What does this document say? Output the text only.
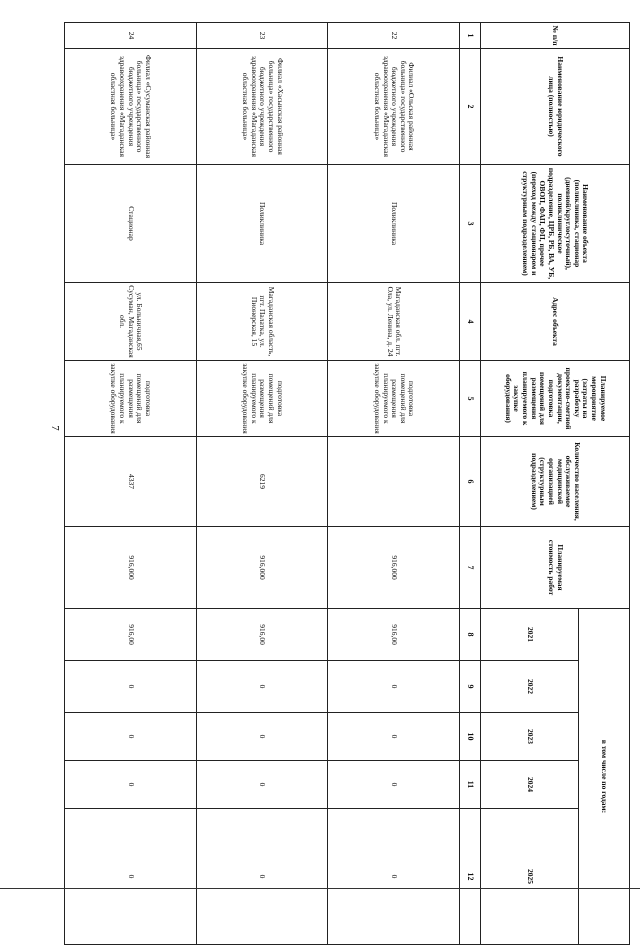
7
№ п/п	Наименование юридического лица (полностью)	Наименование объекта (поликлиника, стационар (дневной/круглосуточный), поликлиническое подразделение, ЦРБ, РБ, ВА, УБ, ОВОП, ФАП, ФП, прочее (переход между стационаром и структурным подразделением)	Адрес объекта	Планируемое мероприятие (затраты на разработку проектно-сметной документации, подготовка помещений для размещения планируемого к закупке оборудования)	Количество населения, обслуживаемое медицинской организацией (структурным подразделением)	Планируемая стоимость работ	в том числе по годам:				
							2021	2022	2023	2024	2025
1	2	3	4	5	6	7	8	9	10	11	12
22	Филиал «Ольская районная больница» государственного бюджетного учреждения здравоохранения «Магаданская областная больница»	Поликлиника	Магаданская обл. пгт. Ола, ул. Ленина, д. 24	подготовка помещений для размещения планируемого к закупке оборудования		916,000	916,00	0	0	0	0
23	Филиал «Хасынская районная больница» государственного бюджетного учреждения здравоохранения «Магаданская областная больница»	Поликлиника	Магаданская область, пгт. Палатка, ул. Пионерская, 15	подготовка помещений для размещения планируемого к закупке оборудования	6219	916,000	916,00	0	0	0	0
24	Филиал «Сусуманская районная больница» государственного бюджетного учреждения здравоохранения «Магаданская областная больница»	Стационар	ул. Больничная,65 Сусуман, Магаданская обл.	подготовка помещений для размещения планируемого к закупке оборудования	4337	916,000	916,00	0	0	0	0
